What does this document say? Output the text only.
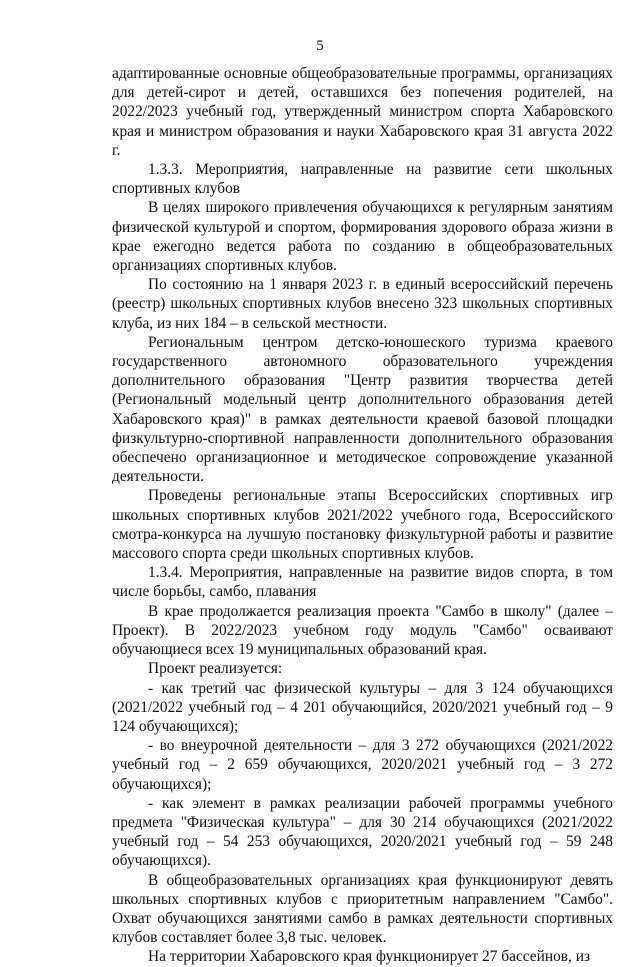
5

адаптированные основные общеобразовательные программы, организациях для детей-сирот и детей, оставшихся без попечения родителей, на 2022/2023 учебный год, утвержденный министром спорта Хабаровского края и министром образования и науки Хабаровского края 31 августа 2022 г.

1.3.3. Мероприятия, направленные на развитие сети школьных спортивных клубов

В целях широкого привлечения обучающихся к регулярным занятиям физической культурой и спортом, формирования здорового образа жизни в крае ежегодно ведется работа по созданию в общеобразовательных организациях спортивных клубов.

По состоянию на 1 января 2023 г. в единый всероссийский перечень (реестр) школьных спортивных клубов внесено 323 школьных спортивных клуба, из них 184 – в сельской местности.

Региональным центром детско-юношеского туризма краевого государственного автономного образовательного учреждения дополнительного образования "Центр развития творчества детей (Региональный модельный центр дополнительного образования детей Хабаровского края)" в рамках деятельности краевой базовой площадки физкультурно-спортивной направленности дополнительного образования обеспечено организационное и методическое сопровождение указанной деятельности.

Проведены региональные этапы Всероссийских спортивных игр школьных спортивных клубов 2021/2022 учебного года, Всероссийского смотра-конкурса на лучшую постановку физкультурной работы и развитие массового спорта среди школьных спортивных клубов.

1.3.4. Мероприятия, направленные на развитие видов спорта, в том числе борьбы, самбо, плавания

В крае продолжается реализация проекта "Самбо в школу" (далее – Проект). В 2022/2023 учебном году модуль "Самбо" осваивают обучающиеся всех 19 муниципальных образований края.

Проект реализуется:

- как третий час физической культуры – для 3 124 обучающихся (2021/2022 учебный год – 4 201 обучающийся, 2020/2021 учебный год – 9 124 обучающихся);

- во внеурочной деятельности – для 3 272 обучающихся (2021/2022 учебный год – 2 659 обучающихся, 2020/2021 учебный год – 3 272 обучающихся);

- как элемент в рамках реализации рабочей программы учебного предмета "Физическая культура" – для 30 214 обучающихся (2021/2022 учебный год – 54 253 обучающихся, 2020/2021 учебный год – 59 248 обучающихся).

В общеобразовательных организациях края функционируют девять школьных спортивных клубов с приоритетным направлением "Самбо". Охват обучающихся занятиями самбо в рамках деятельности спортивных клубов составляет более 3,8 тыс. человек.

На территории Хабаровского края функционирует 27 бассейнов, из
